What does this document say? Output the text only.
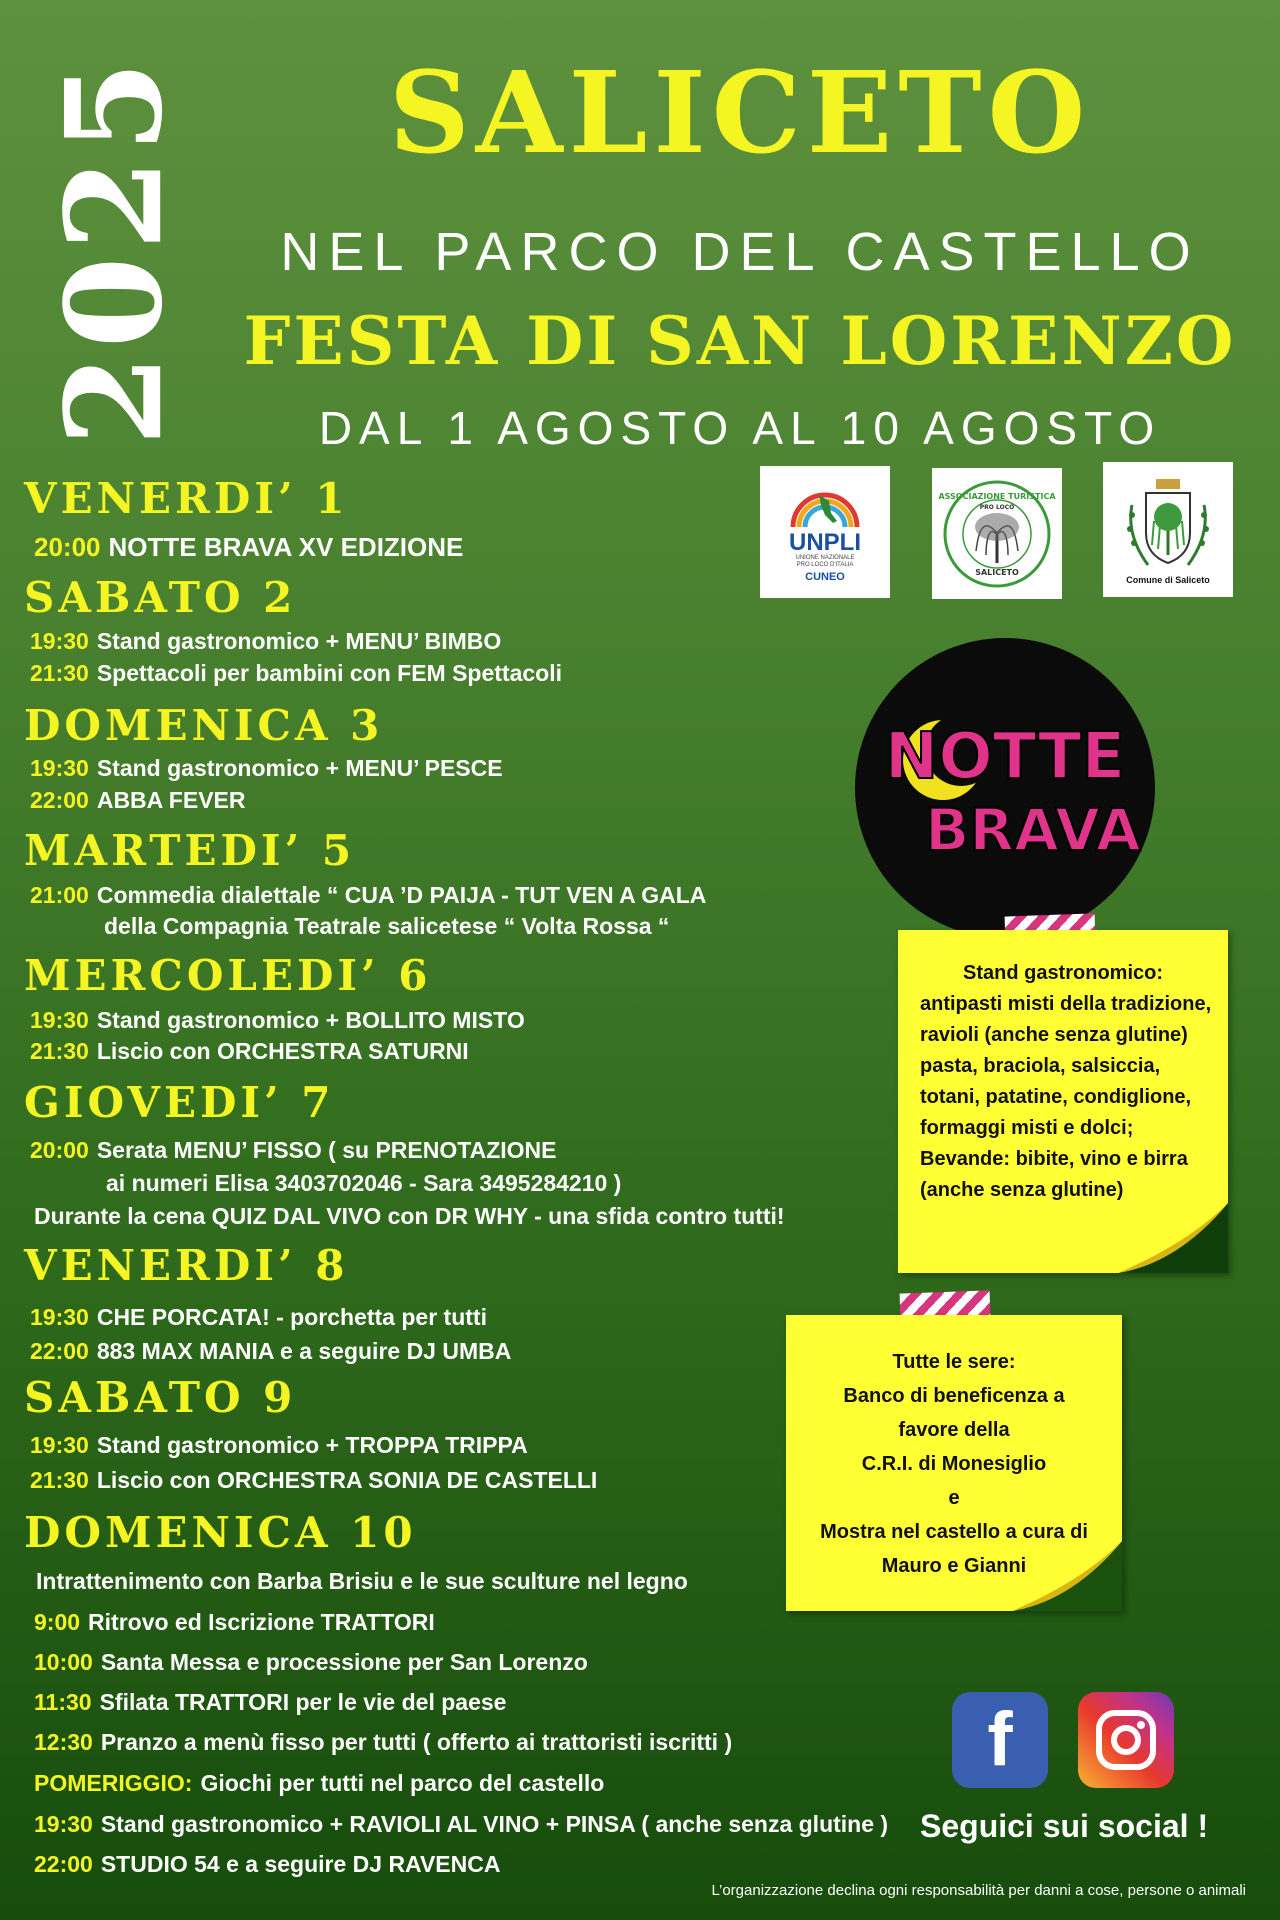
2025	SALICETO
NEL PARCO DEL CASTELLO
FESTA DI SAN LORENZO
DAL 1 AGOSTO AL 10 AGOSTO
VENERDI’ 1
20:00 NOTTE BRAVA XV EDIZIONE
SABATO 2
19:30 Stand gastronomico + MENU’ BIMBO
21:30 Spettacoli per bambini con FEM Spettacoli
DOMENICA 3
19:30 Stand gastronomico + MENU’ PESCE
22:00 ABBA FEVER
MARTEDI’ 5
21:00 Commedia dialettale “ CUA ’D PAIJA - TUT VEN A GALA
della Compagnia Teatrale salicetese “ Volta Rossa “
MERCOLEDI’ 6
19:30 Stand gastronomico + BOLLITO MISTO
21:30 Liscio con ORCHESTRA SATURNI
GIOVEDI’ 7
20:00 Serata MENU’ FISSO ( su PRENOTAZIONE
ai numeri Elisa 3403702046 - Sara 3495284210 )
Durante la cena QUIZ DAL VIVO con DR WHY - una sfida contro tutti!
VENERDI’ 8
19:30 CHE PORCATA! - porchetta per tutti
22:00 883 MAX MANIA e a seguire DJ UMBA
SABATO 9
19:30 Stand gastronomico + TROPPA TRIPPA
21:30 Liscio con ORCHESTRA SONIA DE CASTELLI
DOMENICA 10
Intrattenimento con Barba Brisiu e le sue sculture nel legno
9:00 Ritrovo ed Iscrizione TRATTORI
10:00 Santa Messa e processione per San Lorenzo
11:30 Sfilata TRATTORI per le vie del paese
12:30 Pranzo a menù fisso per tutti ( offerto ai trattoristi iscritti )
POMERIGGIO: Giochi per tutti nel parco del castello
19:30 Stand gastronomico + RAVIOLI AL VINO + PINSA ( anche senza glutine )
22:00 STUDIO 54 e a seguire DJ RAVENCA
UNPLI
UNIONE NAZIONALE
PRO LOCO D'ITALIA
CUNEO
ASSOCIAZIONE TURISTICA
PRO LOCO
SALICETO
Comune di Saliceto
NOTTE
BRAVA
Stand gastronomico:
antipasti misti della tradizione,
ravioli (anche senza glutine)
pasta, braciola, salsiccia,
totani, patatine, condiglione,
formaggi misti e dolci;
Bevande: bibite, vino e birra
(anche senza glutine)
Tutte le sere:
Banco di beneficenza a
favore della
C.R.I. di Monesiglio
e
Mostra nel castello a cura di
Mauro e Gianni
f
Seguici sui social !
L’organizzazione declina ogni responsabilità per danni a cose, persone o animali
